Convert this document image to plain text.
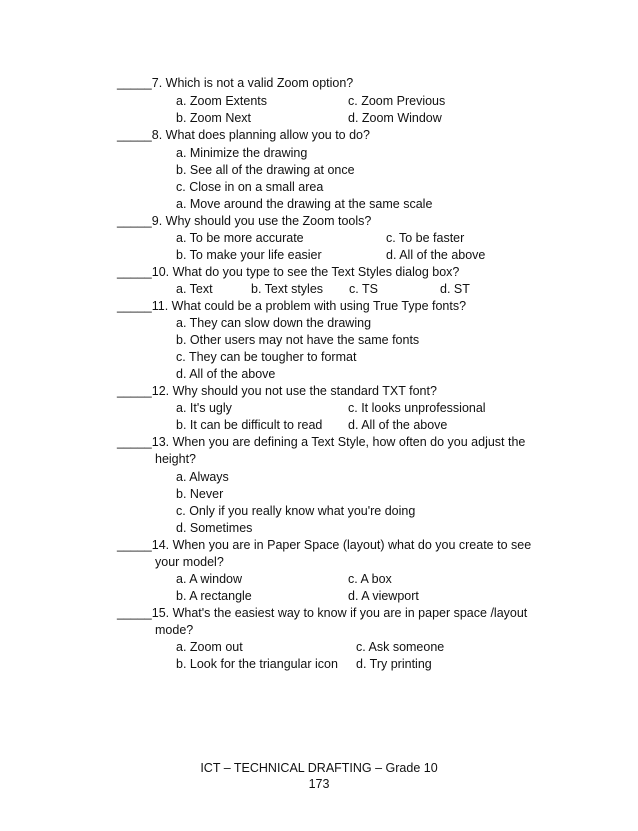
_____7. Which is not a valid Zoom option?
a. Zoom Extents	c. Zoom Previous
b. Zoom Next	d. Zoom Window
_____8. What does planning allow you to do?
a. Minimize the drawing
b. See all of the drawing at once
c. Close in on a small area
a. Move around the drawing at the same scale
_____9. Why should you use the Zoom tools?
a. To be more accurate	c. To be faster
b. To make your life easier	d. All of the above
_____10. What do you type to see the Text Styles dialog box?
a. Text	b. Text styles c. TS	d. ST
_____11. What could be a problem with using True Type fonts?
a. They can slow down the drawing
b. Other users may not have the same fonts
c. They can be tougher to format
d. All of the above
_____12. Why should you not use the standard TXT font?
a. It's ugly	c. It looks unprofessional
b. It can be difficult to read d. All of the above
_____13. When you are defining a Text Style, how often do you adjust the
height?
a. Always
b. Never
c. Only if you really know what you're doing
d. Sometimes
_____14. When you are in Paper Space (layout) what do you create to see
your model?
a. A window	c. A box
b. A rectangle	d. A viewport
_____15. What's the easiest way to know if you are in paper space /layout
mode?
a. Zoom out	c. Ask someone
b. Look for the triangular icon d. Try printing
ICT – TECHNICAL DRAFTING – Grade 10
173
